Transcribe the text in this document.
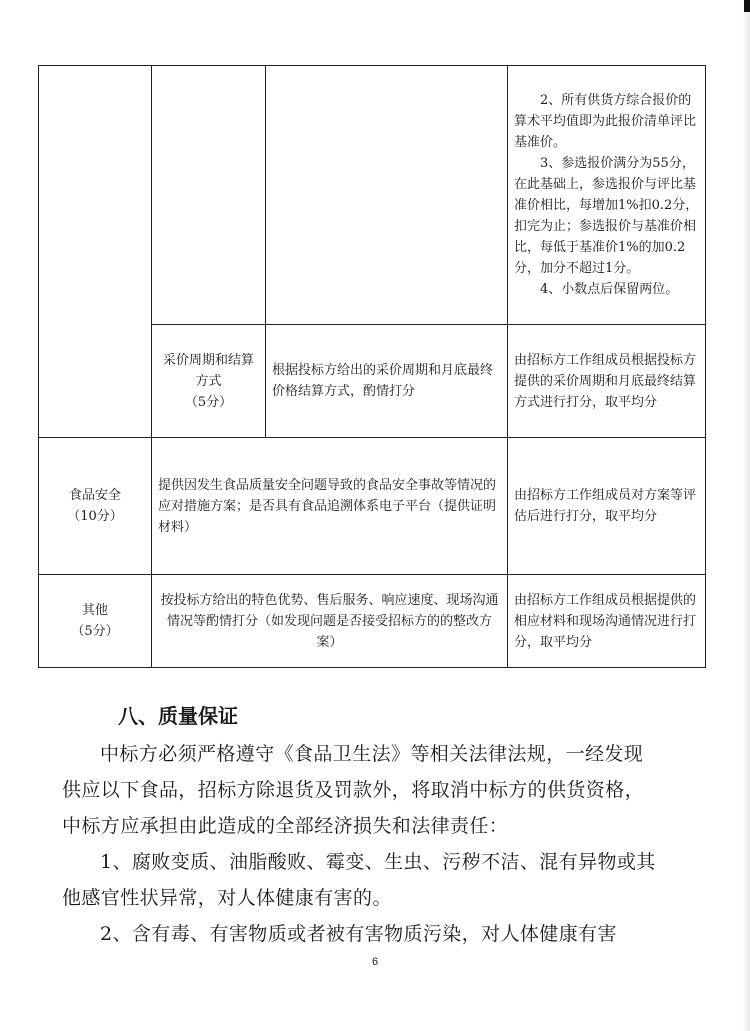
			2、所有供货方综合报价的算术平均值即为此报价清单评比基准价。

3、参选报价满分为55分，在此基础上，参选报价与评比基准价相比，每增加1%扣0.2分，扣完为止；参选报价与基准价相比，每低于基准价1%的加0.2分，加分不超过1分。

4、小数点后保留两位。

	采价周期和结算方式
（5分）	根据投标方给出的采价周期和月底最终价格结算方式，酌情打分	由招标方工作组成员根据投标方提供的采价周期和月底最终结算方式进行打分，取平均分

食品安全
（10分）	提供因发生食品质量安全问题导致的食品安全事故等情况的应对措施方案；是否具有食品追溯体系电子平台（提供证明材料）		由招标方工作组成员对方案等评估后进行打分，取平均分

其他
（5分）	按投标方给出的特色优势、售后服务、响应速度、现场沟通情况等酌情打分（如发现问题是否接受招标方的的整改方案）		由招标方工作组成员根据提供的相应材料和现场沟通情况进行打分，取平均分
八、质量保证

中标方必须严格遵守《食品卫生法》等相关法律法规，一经发现供应以下食品，招标方除退货及罚款外，将取消中标方的供货资格，中标方应承担由此造成的全部经济损失和法律责任：

1、腐败变质、油脂酸败、霉变、生虫、污秽不洁、混有异物或其他感官性状异常，对人体健康有害的。

2、含有毒、有害物质或者被有害物质污染，对人体健康有害

6
